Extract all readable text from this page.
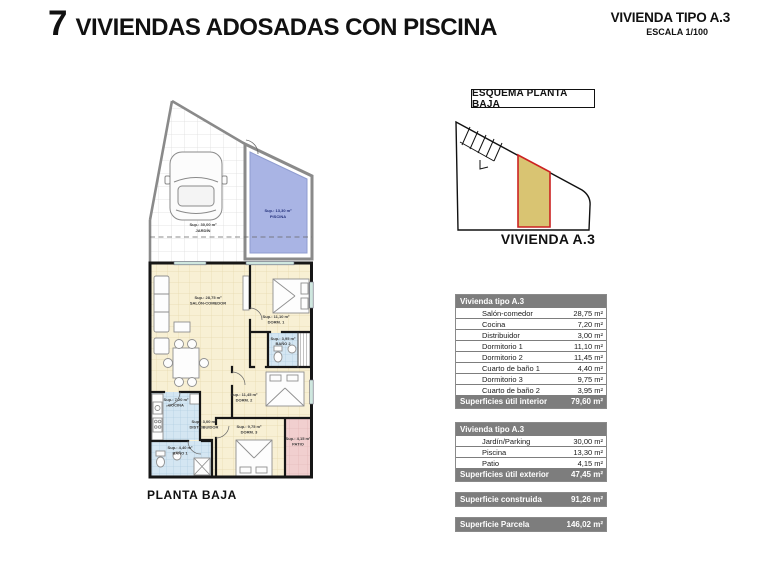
7 VIVIENDAS ADOSADAS CON PISCINA	VIVIENDA TIPO A.3
ESCALA 1/100
Sup.: 30,00 m²
JARDÍN
Sup.: 13,30 m²
PISCINA
Sup.: 28,75 m²
SALÓN-COMEDOR
Sup.: 11,10 m²
DORM. 1
Sup.: 3,95 m²
BAÑO 2
Sup.: 11,45 m²
DORM. 2
Sup.: 7,20 m²
COCINA
Sup.: 3,00 m²
DISTRIBUIDOR	Sup.: 9,75 m²
DORM. 3
Sup.: 4,40 m²
BAÑO 1
Sup.: 4,15 m²
PATIO
PLANTA BAJA
ESQUEMA PLANTA BAJA
VIVIENDA A.3
Vivienda tipo A.3
Salón-comedor	28,75 m²
Cocina	7,20 m²
Distribuidor	3,00 m²
Dormitorio 1	11,10 m²
Dormitorio 2	11,45 m²
Cuarto de baño 1	4,40 m²
Dormitorio 3	9,75 m²
Cuarto de baño 2	3,95 m²
Superficies útil interior	79,60 m²
Vivienda tipo A.3
Jardín/Parking	30,00 m²
Piscina	13,30 m²
Patio	4,15 m²
Superficies útil exterior	47,45 m²
Superficie construida	91,26 m²
Superficie Parcela	146,02 m²
